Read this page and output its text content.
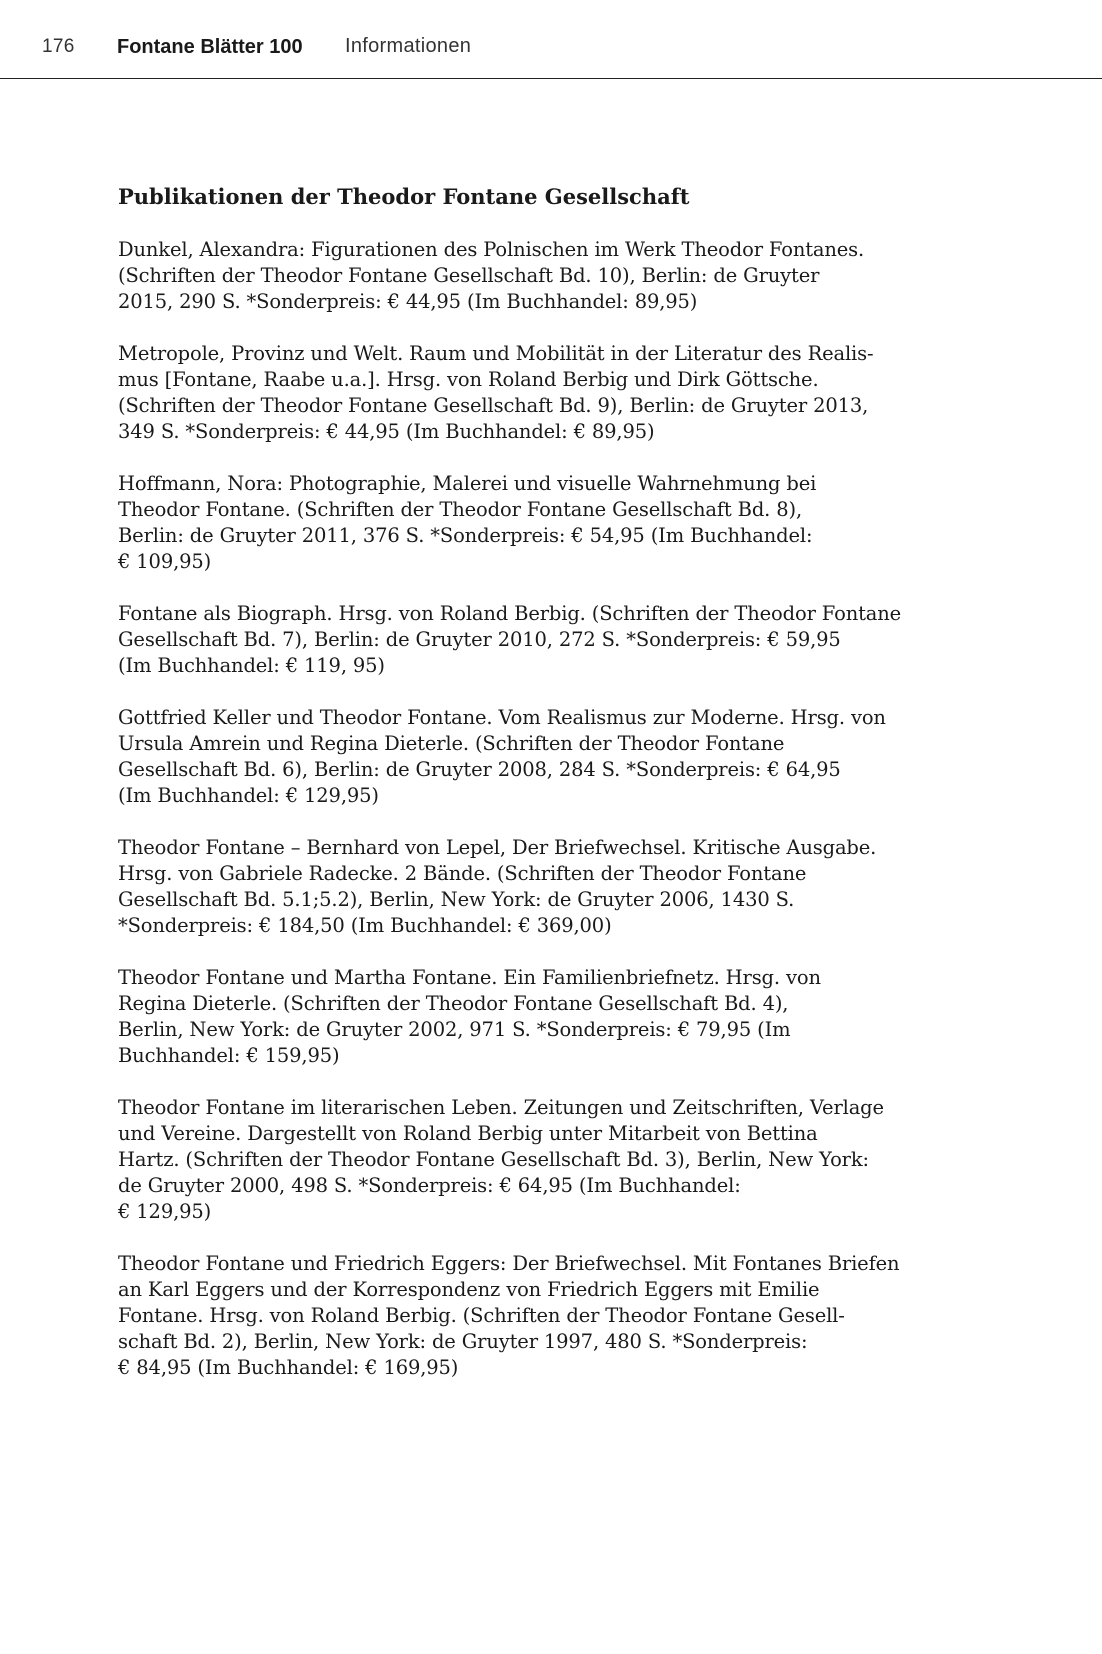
176 Fontane Blätter 100 Informationen
Publikationen der Theodor Fontane Gesellschaft

Dunkel, Alexandra: Figurationen des Polnischen im Werk Theodor Fontanes.
(Schriften der Theodor Fontane Gesellschaft Bd. 10), Berlin: de Gruyter
2015, 290 S. *Sonderpreis: € 44,95 (Im Buchhandel: 89,95)

Metropole, Provinz und Welt. Raum und Mobilität in der Literatur des Realis-
mus [Fontane, Raabe u.a.]. Hrsg. von Roland Berbig und Dirk Göttsche.
(Schriften der Theodor Fontane Gesellschaft Bd. 9), Berlin: de Gruyter 2013,
349 S. *Sonderpreis: € 44,95 (Im Buchhandel: € 89,95)

Hoffmann, Nora: Photographie, Malerei und visuelle Wahrnehmung bei
Theodor Fontane. (Schriften der Theodor Fontane Gesellschaft Bd. 8),
Berlin: de Gruyter 2011, 376 S. *Sonderpreis: € 54,95 (Im Buchhandel:
€ 109,95)

Fontane als Biograph. Hrsg. von Roland Berbig. (Schriften der Theodor Fontane
Gesellschaft Bd. 7), Berlin: de Gruyter 2010, 272 S. *Sonderpreis: € 59,95
(Im Buchhandel: € 119, 95)

Gottfried Keller und Theodor Fontane. Vom Realismus zur Moderne. Hrsg. von
Ursula Amrein und Regina Dieterle. (Schriften der Theodor Fontane
Gesellschaft Bd. 6), Berlin: de Gruyter 2008, 284 S. *Sonderpreis: € 64,95
(Im Buchhandel: € 129,95)

Theodor Fontane – Bernhard von Lepel, Der Briefwechsel. Kritische Ausgabe.
Hrsg. von Gabriele Radecke. 2 Bände. (Schriften der Theodor Fontane
Gesellschaft Bd. 5.1;5.2), Berlin, New York: de Gruyter 2006, 1430 S.
*Sonderpreis: € 184,50 (Im Buchhandel: € 369,00)

Theodor Fontane und Martha Fontane. Ein Familienbriefnetz. Hrsg. von
Regina Dieterle. (Schriften der Theodor Fontane Gesellschaft Bd. 4),
Berlin, New York: de Gruyter 2002, 971 S. *Sonderpreis: € 79,95 (Im
Buchhandel: € 159,95)

Theodor Fontane im literarischen Leben. Zeitungen und Zeitschriften, Verlage
und Vereine. Dargestellt von Roland Berbig unter Mitarbeit von Bettina
Hartz. (Schriften der Theodor Fontane Gesellschaft Bd. 3), Berlin, New York:
de Gruyter 2000, 498 S. *Sonderpreis: € 64,95 (Im Buchhandel:
€ 129,95)

Theodor Fontane und Friedrich Eggers: Der Briefwechsel. Mit Fontanes Briefen
an Karl Eggers und der Korrespondenz von Friedrich Eggers mit Emilie
Fontane. Hrsg. von Roland Berbig. (Schriften der Theodor Fontane Gesell-
schaft Bd. 2), Berlin, New York: de Gruyter 1997, 480 S. *Sonderpreis:
€ 84,95 (Im Buchhandel: € 169,95)
